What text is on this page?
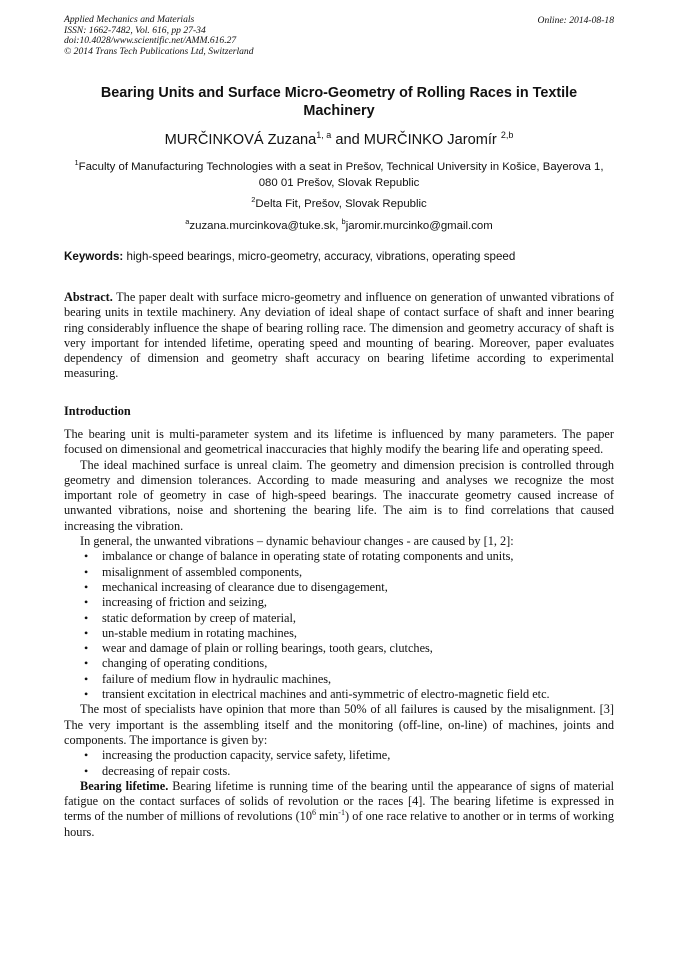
Applied Mechanics and Materials
ISSN: 1662-7482, Vol. 616, pp 27-34
doi:10.4028/www.scientific.net/AMM.616.27
© 2014 Trans Tech Publications Ltd, Switzerland
Online: 2014-08-18
Bearing Units and Surface Micro-Geometry of Rolling Races in Textile Machinery
MURČINKOVÁ Zuzana$^{1, a}$ and MURČINKO Jaromír $^{2,b}$
$^1$Faculty of Manufacturing Technologies with a seat in Prešov, Technical University in Košice, Bayerova 1, 080 01 Prešov, Slovak Republic
$^2$Delta Fit, Prešov, Slovak Republic
$^a$zuzana.murcinkova@tuke.sk, $^b$jaromir.murcinko@gmail.com
Keywords: high-speed bearings, micro-geometry, accuracy, vibrations, operating speed

Abstract. The paper dealt with surface micro-geometry and influence on generation of unwanted vibrations of bearing units in textile machinery. Any deviation of ideal shape of contact surface of shaft and inner bearing ring considerably influence the shape of bearing rolling race. The dimension and geometry accuracy of shaft is very important for intended lifetime, operating speed and mounting of bearing. Moreover, paper evaluates dependency of dimension and geometry shaft accuracy on bearing lifetime according to experimental measuring.

Introduction

The bearing unit is multi-parameter system and its lifetime is influenced by many parameters. The paper focused on dimensional and geometrical inaccuracies that highly modify the bearing life and operating speed.

The ideal machined surface is unreal claim. The geometry and dimension precision is controlled through geometry and dimension tolerances. According to made measuring and analyses we recognize the most important role of geometry in case of high-speed bearings. The inaccurate geometry caused increase of unwanted vibrations, noise and shortening the bearing life. The aim is to find correlations that caused increasing the vibration.

In general, the unwanted vibrations – dynamic behaviour changes - are caused by [1, 2]:

• imbalance or change of balance in operating state of rotating components and units,
• misalignment of assembled components,
• mechanical increasing of clearance due to disengagement,
• increasing of friction and seizing,
• static deformation by creep of material,
• un-stable medium in rotating machines,
• wear and damage of plain or rolling bearings, tooth gears, clutches,
• changing of operating conditions,
• failure of medium flow in hydraulic machines,
• transient excitation in electrical machines and anti-symmetric of electro-magnetic field etc.

The most of specialists have opinion that more than 50% of all failures is caused by the misalignment. [3] The very important is the assembling itself and the monitoring (off-line, on-line) of machines, joints and components. The importance is given by:

• increasing the production capacity, service safety, lifetime,
• decreasing of repair costs.

Bearing lifetime. Bearing lifetime is running time of the bearing until the appearance of signs of material fatigue on the contact surfaces of solids of revolution or the races [4]. The bearing lifetime is expressed in terms of the number of millions of revolutions ($10^6$ $\min^{-1}$) of one race relative to another or in terms of working hours.
